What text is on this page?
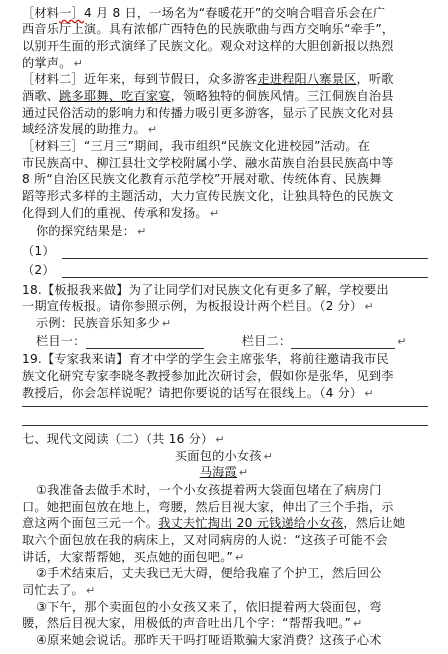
［材料一］4 月 8 日，一场名为“春暖花开”的交响合唱音乐会在广
西音乐厅上演。具有浓郁广西特色的民族歌曲与西方交响乐“牵手”，
以别开生面的形式演绎了民族文化。观众对这样的大胆创新报以热烈
的掌声。 ↵
［材料二］近年来，每到节假日，众多游客走进程阳八寨景区，听歌
酒歌、跳多耶舞、吃百家宴，领略独特的侗族风情。三江侗族自治县
通过民俗活动的影响力和传播力吸引更多游客，显示了民族文化对县
域经济发展的助推力。 ↵
［材料三］“三月三”期间，我市组织“民族文化进校园”活动。在
市民族高中、柳江县壮文学校附属小学、融水苗族自治县民族高中等
8 所“自治区民族文化教育示范学校”开展对歌、传统体育、民族舞
蹈等形式多样的主题活动，大力宣传民族文化，让独具特色的民族文
化得到人们的重视、传承和发扬。 ↵
你的探究结果是： ↵
（1）
（2）
18.【板报我来做】为了让同学们对民族文化有更多了解，学校要出
一期宣传板报。请你参照示例，为板报设计两个栏目。（2 分） ↵
示例：民族音乐知多少 ↵
栏目一：	栏目二：	↵
19.【专家我来请】育才中学的学生会主席张华，将前往邀请我市民
族文化研究专家李晓冬教授参加此次研讨会，假如你是张华，见到李
教授后，你会怎样说呢？请把你要说的话写在很线上。（4 分） ↵
七、现代文阅读（二）（共 16 分） ↵
买面包的小女孩 ↵
马海霞 ↵
①我准备去做手术时，一个小女孩提着两大袋面包堵在了病房门
口。她把面包放在地上，弯腰，然后目视大家，伸出了三个手指，示
意这两个面包三元一个。我丈夫忙掏出 20 元钱递给小女孩，然后让她
取六个面包放在我的病床上，又对同病房的人说：“这孩子可能不会
讲话，大家帮帮她，买点她的面包吧。” ↵
②手术结束后，丈夫我已无大碍，便给我雇了个护工，然后回公
司忙去了。 ↵
③下午，那个卖面包的小女孩又来了，依旧提着两大袋面包，弯
腰，然后目视大家，用极低的声音吐出几个字：“帮帮我吧。” ↵
④原来她会说话。那昨天干吗打哑语欺骗大家消费？这孩子心术
